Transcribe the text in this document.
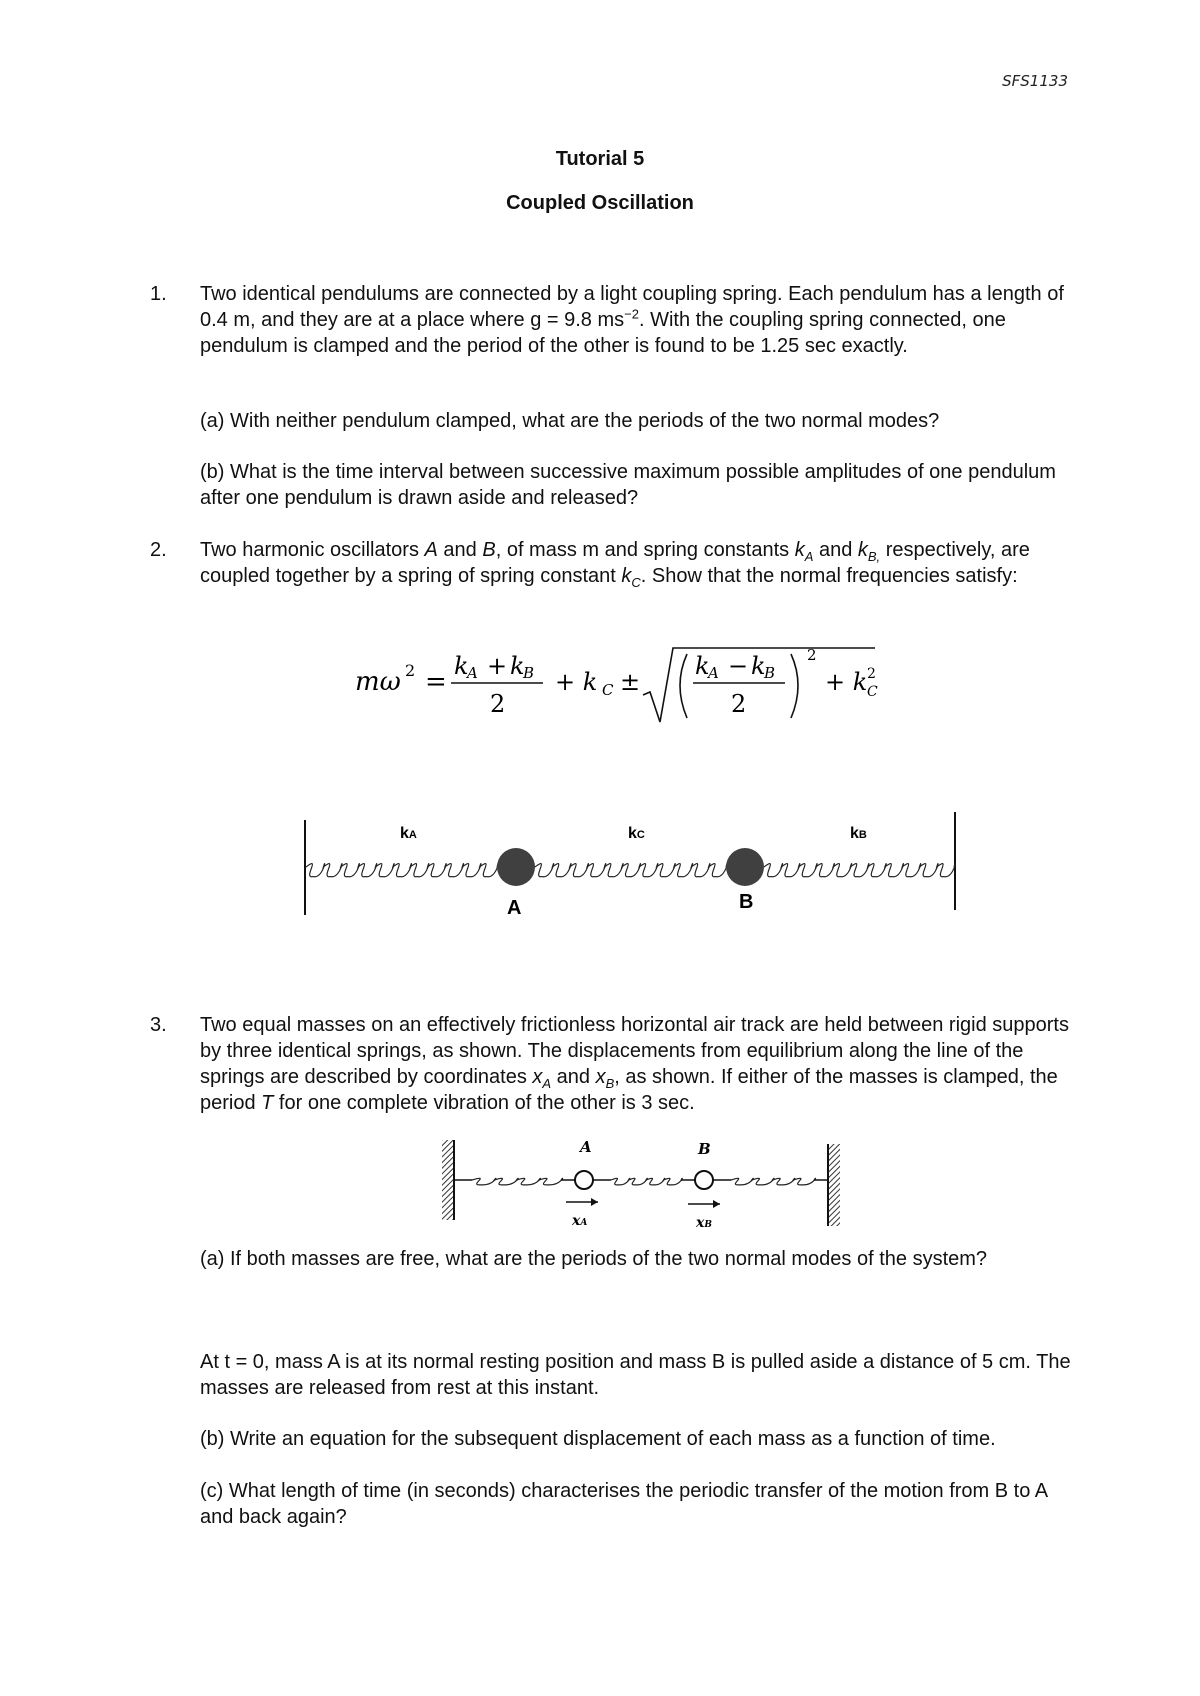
SFS1133
Tutorial 5
Coupled Oscillation
1. Two identical pendulums are connected by a light coupling spring. Each pendulum has a length of 0.4 m, and they are at a place where g = 9.8 $ms^{-2}$. With the coupling spring connected, one pendulum is clamped and the period of the other is found to be 1.25 sec exactly.
(a) With neither pendulum clamped, what are the periods of the two normal modes?
(b) What is the time interval between successive maximum possible amplitudes of one pendulum after one pendulum is drawn aside and released?
2. Two harmonic oscillators A and B, of mass m and spring constants $k_A$ and $k_{B,}$ respectively, are coupled together by a spring of spring constant $k_C$. Show that the normal frequencies satisfy:
mω 2 =
k
A + k
B
2
+ k C ±
k
A − k
B
2
2
+ k 2
C
kA	kC	kB
A	B
3. Two equal masses on an effectively frictionless horizontal air track are held between rigid supports by three identical springs, as shown. The displacements from equilibrium along the line of the springs are described by coordinates $x_A$ and $x_B$, as shown. If either of the masses is clamped, the period T for one complete vibration of the other is 3 sec.
A	B
xA	xB
(a) If both masses are free, what are the periods of the two normal modes of the system?
At t = 0, mass A is at its normal resting position and mass B is pulled aside a distance of 5 cm. The masses are released from rest at this instant.
(b) Write an equation for the subsequent displacement of each mass as a function of time.
(c) What length of time (in seconds) characterises the periodic transfer of the motion from B to A and back again?
